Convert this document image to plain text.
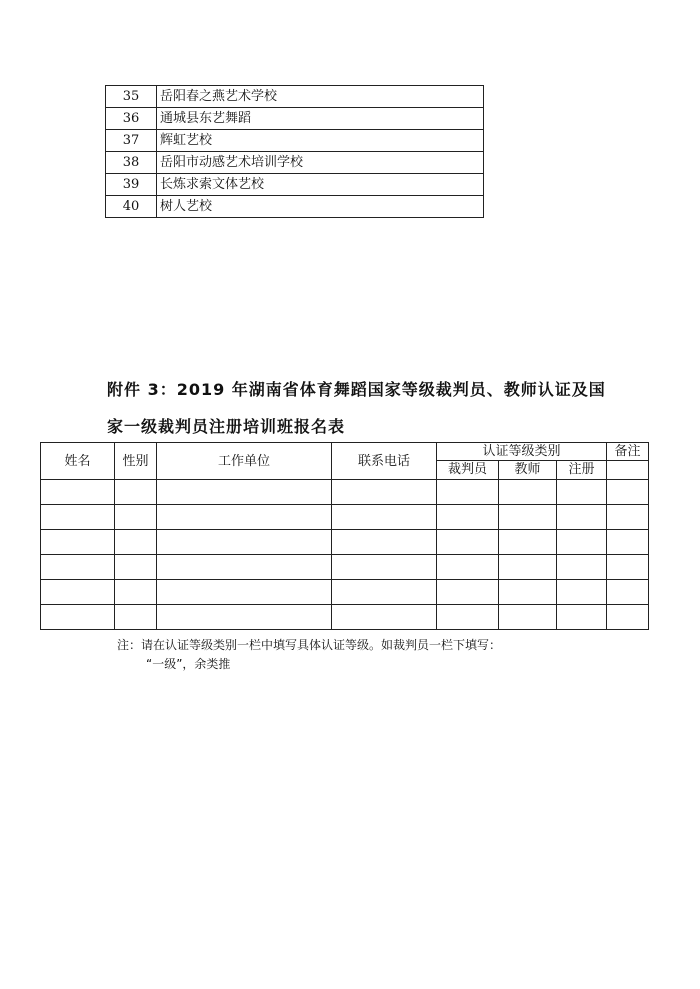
35	岳阳春之燕艺术学校
36	通城县东艺舞蹈
37	辉虹艺校
38	岳阳市动感艺术培训学校
39	长炼求索文体艺校
40	树人艺校
附件 3：2019 年湖南省体育舞蹈国家等级裁判员、教师认证及国
家一级裁判员注册培训班报名表
姓名	性别	工作单位	联系电话	认证等级类别			备注
				裁判员	教师	注册	

注：请在认证等级类别一栏中填写具体认证等级。如裁判员一栏下填写：
“一级”，余类推
